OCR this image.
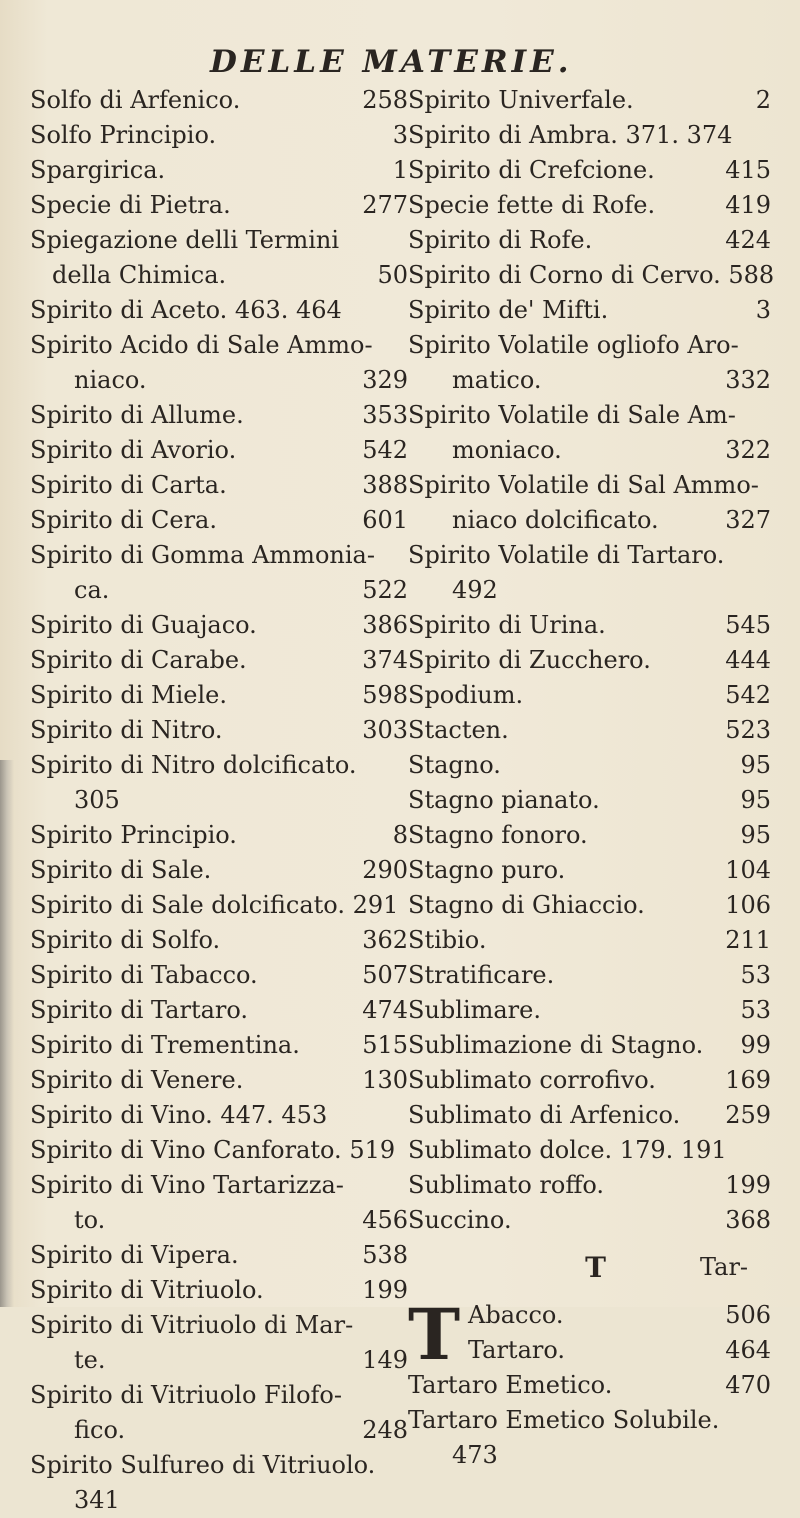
DELLE MATERIE.
Solfo di Arfenico.	258
Solfo Principio.	3
Spargirica.	1
Specie di Pietra.	277
Spiegazione delli Termini
della Chimica.	50
Spirito di Aceto. 463. 464
Spirito Acido di Sale Ammo-
niaco.	329
Spirito di Allume.	353
Spirito di Avorio.	542
Spirito di Carta.	388
Spirito di Cera.	601
Spirito di Gomma Ammonia-
ca.	522
Spirito di Guajaco.	386
Spirito di Carabe.	374
Spirito di Miele.	598
Spirito di Nitro.	303
Spirito di Nitro dolcificato.
305
Spirito Principio.	8
Spirito di Sale.	290
Spirito di Sale dolcificato. 291
Spirito di Solfo.	362
Spirito di Tabacco.	507
Spirito di Tartaro.	474
Spirito di Trementina.	515
Spirito di Venere.	130
Spirito di Vino. 447. 453
Spirito di Vino Canforato. 519
Spirito di Vino Tartarizza-
to.	456
Spirito di Vipera.	538
Spirito di Vitriuolo.	199
Spirito di Vitriuolo di Mar-
te.	149
Spirito di Vitriuolo Filofo-
fico.	248
Spirito Sulfureo di Vitriuolo.
341
Spirito Univerfale.	2
Spirito di Ambra. 371. 374
Spirito di Crefcione.	415
Specie fette di Rofe.	419
Spirito di Rofe.	424
Spirito di Corno di Cervo. 588
Spirito de' Mifti.	3
Spirito Volatile ogliofo Aro-
matico.	332
Spirito Volatile di Sale Am-
moniaco.	322
Spirito Volatile di Sal Ammo-
niaco dolcificato.	327
Spirito Volatile di Tartaro.
492
Spirito di Urina.	545
Spirito di Zucchero.	444
Spodium.	542
Stacten.	523
Stagno.	95
Stagno pianato.	95
Stagno fonoro.	95
Stagno puro.	104
Stagno di Ghiaccio.	106
Stibio.	211
Stratificare.	53
Sublimare.	53
Sublimazione di Stagno. 99
Sublimato corrofivo.	169
Sublimato di Arfenico. 259
Sublimato dolce. 179. 191
Sublimato roffo.	199
Succino.	368
T
T Abacco.	506
Tartaro.	464
Tartaro Emetico.	470
Tartaro Emetico Solubile.
473
Tar-
